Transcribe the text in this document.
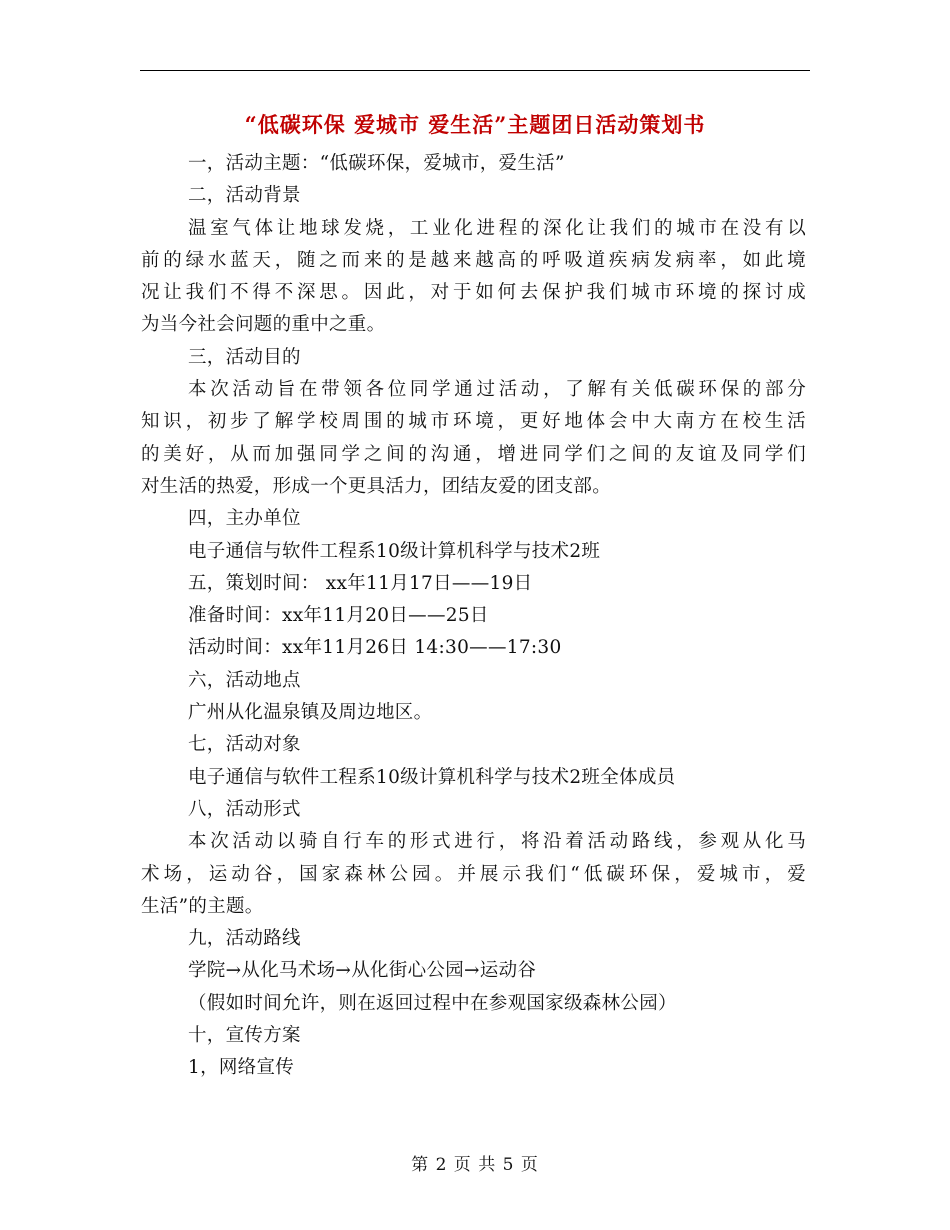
“低碳环保 爱城市 爱生活”主题团日活动策划书
一，活动主题：“低碳环保，爱城市，爱生活”
二，活动背景
温室气体让地球发烧，工业化进程的深化让我们的城市在没有以
前的绿水蓝天，随之而来的是越来越高的呼吸道疾病发病率，如此境
况让我们不得不深思。因此，对于如何去保护我们城市环境的探讨成
为当今社会问题的重中之重。
三，活动目的
本次活动旨在带领各位同学通过活动，了解有关低碳环保的部分
知识，初步了解学校周围的城市环境，更好地体会中大南方在校生活
的美好，从而加强同学之间的沟通，增进同学们之间的友谊及同学们
对生活的热爱，形成一个更具活力，团结友爱的团支部。
四，主办单位
电子通信与软件工程系10级计算机科学与技术2班
五，策划时间： xx年11月17日——19日
准备时间：xx年11月20日——25日
活动时间：xx年11月26日 14:30——17:30
六，活动地点
广州从化温泉镇及周边地区。
七，活动对象
电子通信与软件工程系10级计算机科学与技术2班全体成员
八，活动形式
本次活动以骑自行车的形式进行，将沿着活动路线，参观从化马
术场，运动谷，国家森林公园。并展示我们“低碳环保，爱城市，爱
生活”的主题。
九，活动路线
学院→从化马术场→从化街心公园→运动谷
（假如时间允许，则在返回过程中在参观国家级森林公园）
十，宣传方案
1，网络宣传
第 2 页 共 5 页
